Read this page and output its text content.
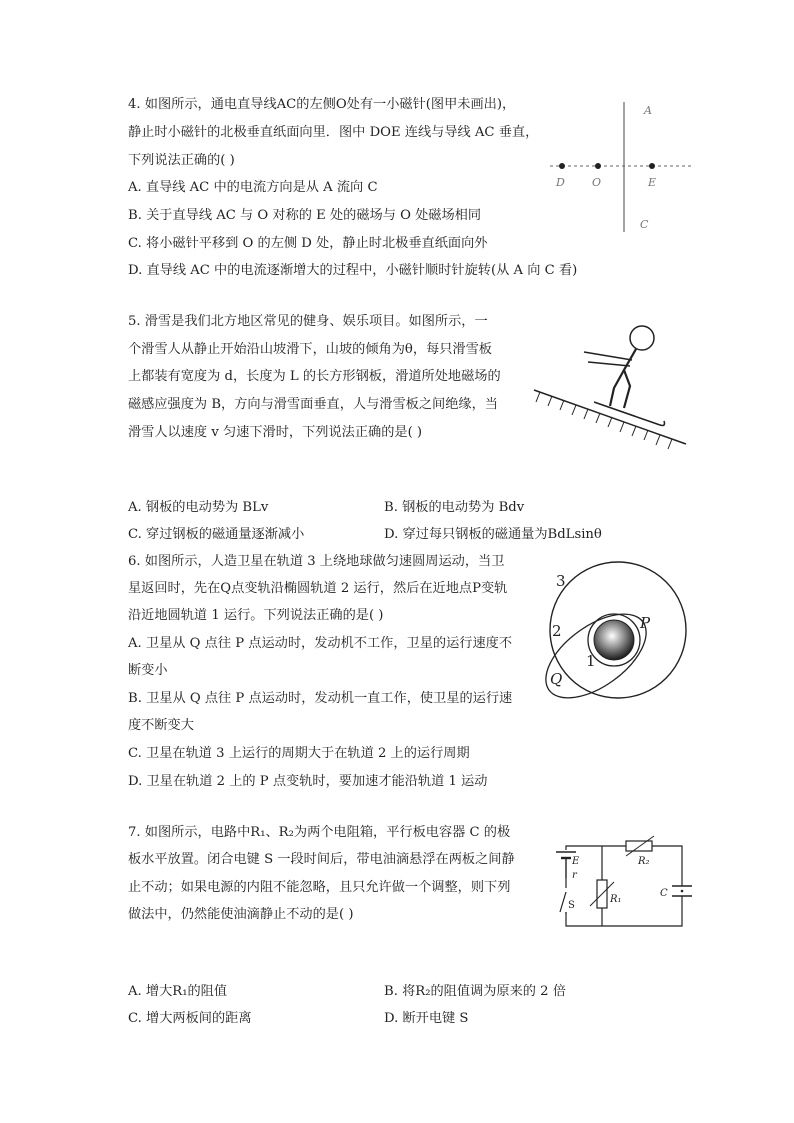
4. 如图所示，通电直导线AC的左侧O处有一小磁针(图甲未画出)，
静止时小磁针的北极垂直纸面向里．图中 DOE 连线与导线 AC 垂直，
下列说法正确的( )
A. 直导线 AC 中的电流方向是从 A 流向 C
B. 关于直导线 AC 与 O 对称的 E 处的磁场与 O 处磁场相同
C. 将小磁针平移到 O 的左侧 D 处，静止时北极垂直纸面向外
D. 直导线 AC 中的电流逐渐增大的过程中，小磁针顺时针旋转(从 A 向 C 看)
A
C
D O	E
5. 滑雪是我们北方地区常见的健身、娱乐项目。如图所示，一
个滑雪人从静止开始沿山坡滑下，山坡的倾角为θ，每只滑雪板
上都装有宽度为 d，长度为 L 的长方形钢板，滑道所处地磁场的
磁感应强度为 B，方向与滑雪面垂直，人与滑雪板之间绝缘，当
滑雪人以速度 v 匀速下滑时，下列说法正确的是( )
A. 钢板的电动势为 BLv	B. 钢板的电动势为 Bdv
C. 穿过钢板的磁通量逐渐减小	D. 穿过每只钢板的磁通量为BdLsinθ
6. 如图所示，人造卫星在轨道 3 上绕地球做匀速圆周运动，当卫
星返回时，先在Q点变轨沿椭圆轨道 2 运行，然后在近地点P变轨
沿近地圆轨道 1 运行。下列说法正确的是( )
A. 卫星从 Q 点往 P 点运动时，发动机不工作，卫星的运行速度不
断变小
B. 卫星从 Q 点往 P 点运动时，发动机一直工作，使卫星的运行速
度不断变大
C. 卫星在轨道 3 上运行的周期大于在轨道 2 上的运行周期
D. 卫星在轨道 2 上的 P 点变轨时，要加速才能沿轨道 1 运动
3
2
1
P
Q
7. 如图所示，电路中R₁、R₂为两个电阻箱，平行板电容器 C 的极
板水平放置。闭合电键 S 一段时间后，带电油滴悬浮在两板之间静
止不动；如果电源的内阻不能忽略，且只允许做一个调整，则下列
做法中，仍然能使油滴静止不动的是( )
A. 增大R₁的阻值	B. 将R₂的阻值调为原来的 2 倍
C. 增大两板间的距离	D. 断开电键 S
E
r
S
R₁
R₂
C
